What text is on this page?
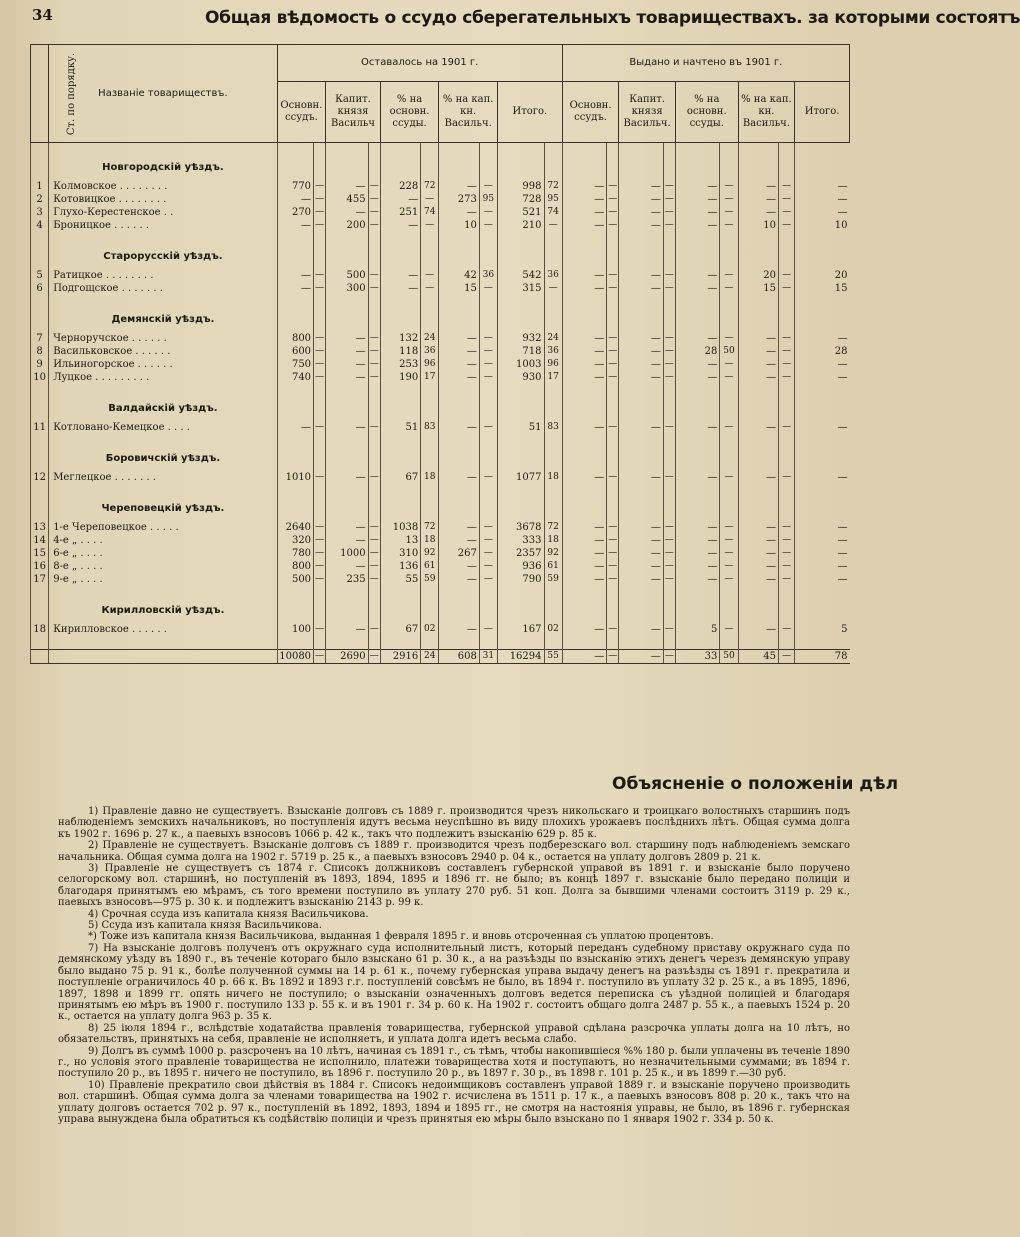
34	Общая вѣдомость о ссудо сберегательныхъ товариществахъ. за которыми состоятъ
Ст. по порядку.	Названіе товариществъ.	Оставалось на 1901 г.										Выдано и начтено въ 1901 г.								
		Основн. ссудъ.		Капит. князя Васильч		% на основн. ссуды.		% на кап. кн. Васильч.		Итого.		Основн. ссудъ.		Капит. князя Васильч.		% на основн. ссуды.		% на кап. кн. Васильч.		Итого.

	Новгородскій уѣздъ.																			
1	Колмовское . . . . . . . .	770	—	—	—	228	72	—	—	998	72	—	—	—	—	—	—	—	—	—
2	Котовицкое . . . . . . . .	—	—	455	—	—	—	273	95	728	95	—	—	—	—	—	—	—	—	—
3	Глухо-Керестенское . .	270	—	—	—	251	74	—	—	521	74	—	—	—	—	—	—	—	—	—
4	Броницкое . . . . . .	—	—	200	—	—	—	10	—	210	—	—	—	—	—	—	—	10	—	10

	Старорусскій уѣздъ.																			
5	Ратицкое . . . . . . . .	—	—	500	—	—	—	42	36	542	36	—	—	—	—	—	—	20	—	20
6	Подгощское . . . . . . .	—	—	300	—	—	—	15	—	315	—	—	—	—	—	—	—	15	—	15

	Демянскій уѣздъ.																			
7	Черноручское . . . . . .	800	—	—	—	132	24	—	—	932	24	—	—	—	—	—	—	—	—	—
8	Васильковское . . . . . .	600	—	—	—	118	36	—	—	718	36	—	—	—	—	28	50	—	—	28
9	Ильиногорское . . . . . .	750	—	—	—	253	96	—	—	1003	96	—	—	—	—	—	—	—	—	—
10	Луцкое . . . . . . . . .	740	—	—	—	190	17	—	—	930	17	—	—	—	—	—	—	—	—	—

	Валдайскій уѣздъ.																			
11	Котлованo-Кемецкое . . . .	—	—	—	—	51	83	—	—	51	83	—	—	—	—	—	—	—	—	—

	Боровичскій уѣздъ.																			
12	Меглецкое . . . . . . .	1010	—	—	—	67	18	—	—	1077	18	—	—	—	—	—	—	—	—	—

	Череповецкій уѣздъ.																			
13	1-е Череповецкое . . . . .	2640	—	—	—	1038	72	—	—	3678	72	—	—	—	—	—	—	—	—	—
14	4-е „ . . . .	320	—	—	—	13	18	—	—	333	18	—	—	—	—	—	—	—	—	—
15	6-е „ . . . .	780	—	1000	—	310	92	267	—	2357	92	—	—	—	—	—	—	—	—	—
16	8-е „ . . . .	800	—	—	—	136	61	—	—	936	61	—	—	—	—	—	—	—	—	—
17	9-е „ . . . .	500	—	235	—	55	59	—	—	790	59	—	—	—	—	—	—	—	—	—

	Кирилловскій уѣздъ.																			
18	Кирилловское . . . . . .	100	—	—	—	67	02	—	—	167	02	—	—	—	—	5	—	—	—	5

		10080	—	2690	—	2916	24	608	31	16294	55	—	—	—	—	33	50	45	—	78
Объясненіе о положеніи дѣл
1) Правленіе давно не существуетъ. Взысканіе долговъ съ 1889 г. производится чрезъ никольскаго и троицкаго волостныхъ старшинъ подъ наблюденіемъ земскихъ начальниковъ, но поступленія идутъ весьма неуспѣшно въ виду плохихъ урожаевъ послѣднихъ лѣтъ. Общая сумма долга къ 1902 г. 1696 р. 27 к., а паевыхъ взносовъ 1066 р. 42 к., такъ что подлежитъ взысканію 629 р. 85 к.
2) Правленіе не существуетъ. Взысканіе долговъ съ 1889 г. производится чрезъ подберезскаго вол. старшину подъ наблюденіемъ земскаго начальника. Общая сумма долга на 1902 г. 5719 р. 25 к., а паевыхъ взносовъ 2940 р. 04 к., остается на уплату долговъ 2809 р. 21 к.
3) Правленіе не существуетъ съ 1874 г. Списокъ должниковъ составленъ губернской управой въ 1891 г. и взысканіе было поручено селогорскому вол. старшинѣ, но поступленій въ 1893, 1894, 1895 и 1896 гг. не было; въ концѣ 1897 г. взысканіе было передано полиціи и благодаря принятымъ ею мѣрамъ, съ того времени поступило въ уплату 270 руб. 51 коп. Долга за бывшими членами состоитъ 3119 р. 29 к., паевыхъ взносовъ—975 р. 30 к. и подлежитъ взысканію 2143 р. 99 к.
4) Срочная ссуда изъ капитала князя Васильчикова.
5) Ссуда изъ капитала князя Васильчикова.
*) Тоже изъ капитала князя Васильчикова, выданная 1 февраля 1895 г. и вновь отсроченная съ уплатою процентовъ.
7) На взысканіе долговъ полученъ отъ окружнаго суда исполнительный листъ, который переданъ судебному приставу окружнаго суда по демянскому уѣзду въ 1890 г., въ теченіе котораго было взыскано 61 р. 30 к., а на разъѣзды по взысканію этихъ денегъ черезъ демянскую управу было выдано 75 р. 91 к., болѣе полученной суммы на 14 р. 61 к., почему губернская управа выдачу денегъ на разъѣзды съ 1891 г. прекратила и поступленіе ограничилось 40 р. 66 к. Въ 1892 и 1893 г.г. поступленій совсѣмъ не было, въ 1894 г. поступило въ уплату 32 р. 25 к., а въ 1895, 1896, 1897, 1898 и 1899 гг. опять ничего не поступило; о взысканіи означенныхъ долговъ ведется переписка съ уѣздной полиціей и благодаря принятымъ ею мѣръ въ 1900 г. поступило 133 р. 55 к. и въ 1901 г. 34 р. 60 к. На 1902 г. состоитъ общаго долга 2487 р. 55 к., а паевыхъ 1524 р. 20 к., остается на уплату долга 963 р. 35 к.
8) 25 іюля 1894 г., вслѣдствіе ходатайства правленія товарищества, губернской управой сдѣлана разсрочка уплаты долга на 10 лѣтъ, но обязательствъ, принятыхъ на себя, правленіе не исполняетъ, и уплата долга идетъ весьма слабо.
9) Долгъ въ суммѣ 1000 р. разсроченъ на 10 лѣтъ, начиная съ 1891 г., съ тѣмъ, чтобы накопившіеся %% 180 р. были уплачены въ теченіе 1890 г., но условія этого правленіе товарищества не исполнило, платежи товарищества хотя и поступаютъ, но незначительными суммами; въ 1894 г. поступило 20 р., въ 1895 г. ничего не поступило, въ 1896 г. поступило 20 р., въ 1897 г. 30 р., въ 1898 г. 101 р. 25 к., и въ 1899 г.—30 руб.
10) Правленіе прекратило свои дѣйствія въ 1884 г. Списокъ недоимщиковъ составленъ управой 1889 г. и взысканіе поручено производить вол. старшинѣ. Общая сумма долга за членами товарищества на 1902 г. исчислена въ 1511 р. 17 к., а паевыхъ взносовъ 808 р. 20 к., такъ что на уплату долговъ остается 702 р. 97 к., поступленій въ 1892, 1893, 1894 и 1895 гг., не смотря на настоянія управы, не было, въ 1896 г. губернская управа вынуждена была обратиться къ содѣйствію полиціи и чрезъ принятыя ею мѣры было взыскано по 1 января 1902 г. 334 р. 50 к.
